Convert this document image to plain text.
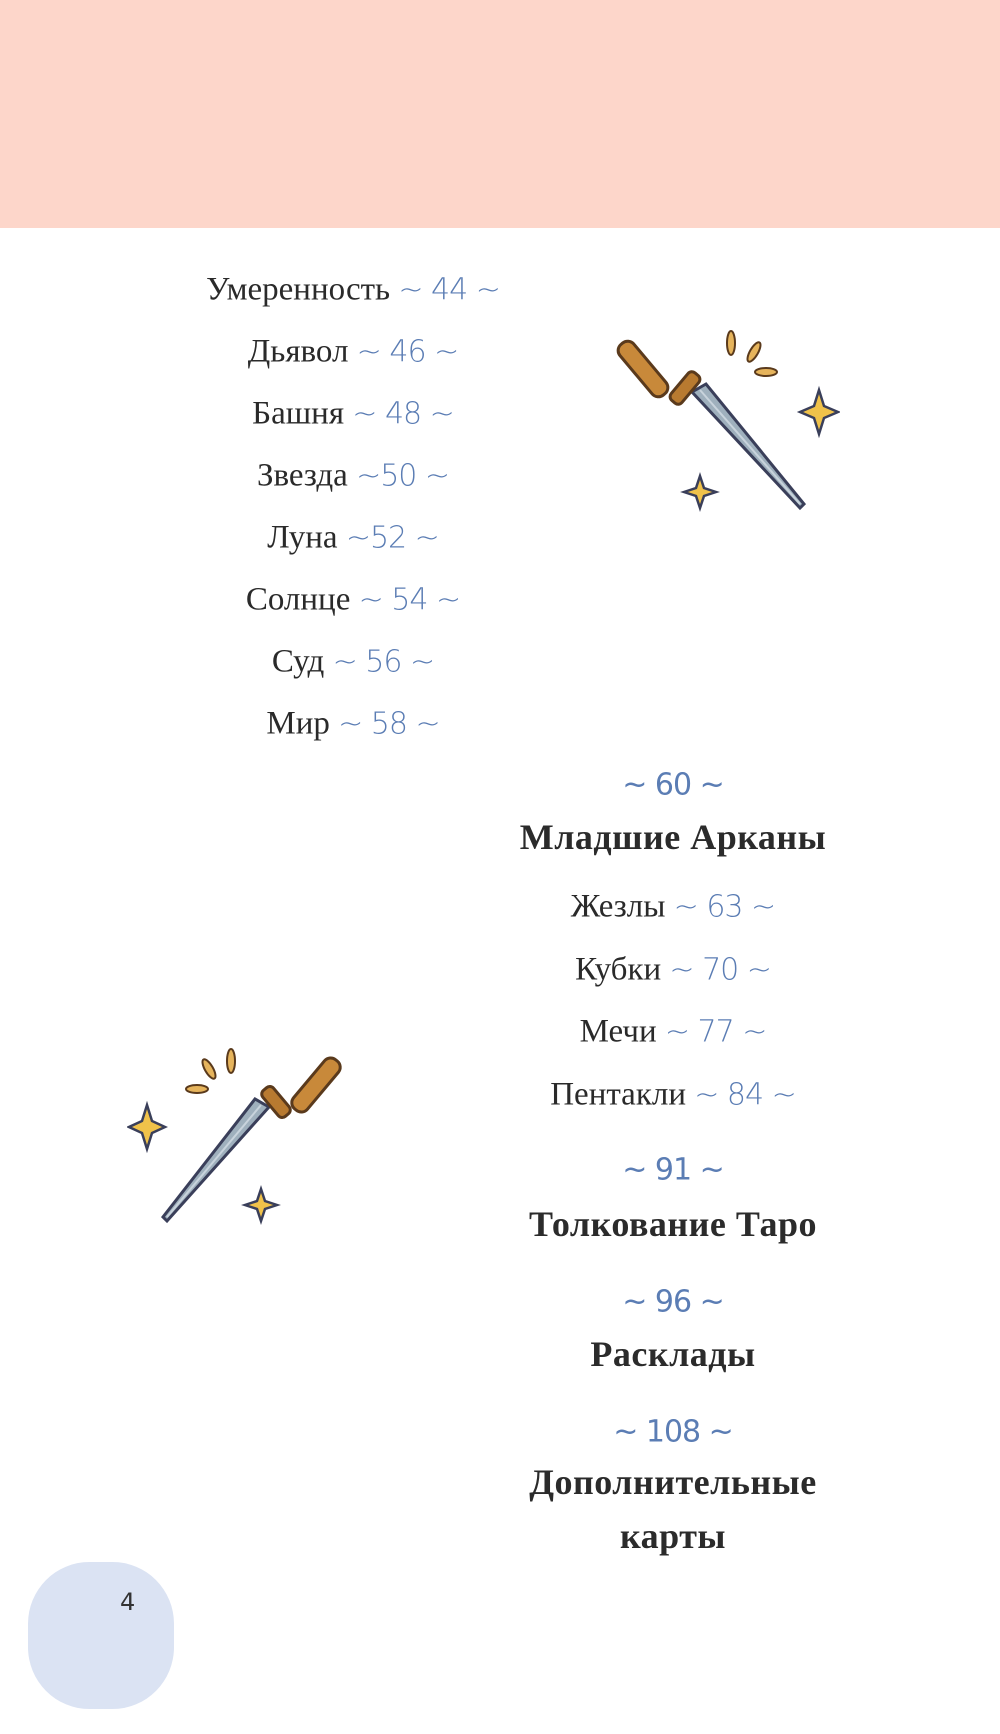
Умеренность ~ 44 ~
Дьявол ~ 46 ~
Башня ~ 48 ~
Звезда ~50 ~
Луна ~52 ~
Солнце ~ 54 ~
Суд ~ 56 ~
Мир ~ 58 ~
~ 60 ~
Младшие Арканы
Жезлы ~ 63 ~
Кубки ~ 70 ~
Мечи ~ 77 ~
Пентакли ~ 84 ~
~ 91 ~
Толкование Таро
~ 96 ~
Расклады
~ 108 ~
Дополнительные
карты
4
